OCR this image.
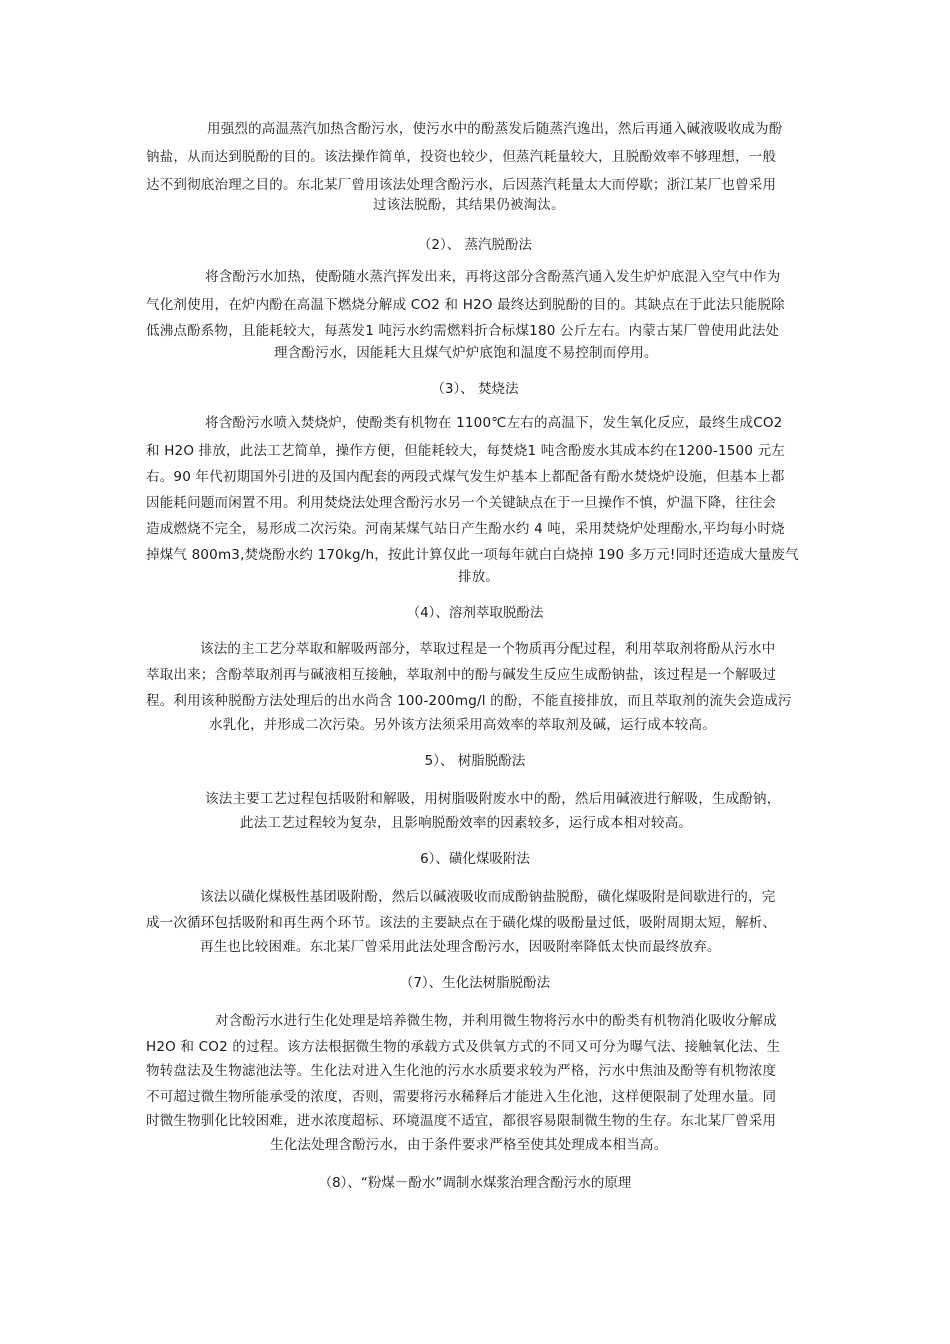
用强烈的高温蒸汽加热含酚污水，使污水中的酚蒸发后随蒸汽逸出，然后再通入碱液吸收成为酚
钠盐，从而达到脱酚的目的。该法操作简单，投资也较少，但蒸汽耗量较大，且脱酚效率不够理想，一般
达不到彻底治理之目的。东北某厂曾用该法处理含酚污水，后因蒸汽耗量太大而停歇；浙江某厂也曾采用
过该法脱酚，其结果仍被淘汰。
（2）、 蒸汽脱酚法
将含酚污水加热，使酚随水蒸汽挥发出来，再将这部分含酚蒸汽通入发生炉炉底混入空气中作为
气化剂使用，在炉内酚在高温下燃烧分解成 CO2 和 H2O 最终达到脱酚的目的。其缺点在于此法只能脱除
低沸点酚系物，且能耗较大，每蒸发1 吨污水约需燃料折合标煤180 公斤左右。内蒙古某厂曾使用此法处
理含酚污水，因能耗大且煤气炉炉底饱和温度不易控制而停用。
（3）、 焚烧法
将含酚污水喷入焚烧炉，使酚类有机物在 1100℃左右的高温下，发生氧化反应，最终生成CO2
和 H2O 排放，此法工艺简单，操作方便，但能耗较大，每焚烧1 吨含酚废水其成本约在1200-1500 元左
右。90 年代初期国外引进的及国内配套的两段式煤气发生炉基本上都配备有酚水焚烧炉设施，但基本上都
因能耗问题而闲置不用。利用焚烧法处理含酚污水另一个关键缺点在于一旦操作不慎，炉温下降，往往会
造成燃烧不完全，易形成二次污染。河南某煤气站日产生酚水约 4 吨，采用焚烧炉处理酚水,平均每小时烧
掉煤气 800m3,焚烧酚水约 170kg/h，按此计算仅此一项每年就白白烧掉 190 多万元!同时还造成大量废气
排放。
（4）、溶剂萃取脱酚法
该法的主工艺分萃取和解吸两部分，萃取过程是一个物质再分配过程，利用萃取剂将酚从污水中
萃取出来；含酚萃取剂再与碱液相互接触，萃取剂中的酚与碱发生反应生成酚钠盐，该过程是一个解吸过
程。利用该种脱酚方法处理后的出水尚含 100-200mg/l 的酚，不能直接排放，而且萃取剂的流失会造成污
水乳化，并形成二次污染。另外该方法须采用高效率的萃取剂及碱，运行成本较高。
5）、 树脂脱酚法
该法主要工艺过程包括吸附和解吸，用树脂吸附废水中的酚，然后用碱液进行解吸，生成酚钠，
此法工艺过程较为复杂，且影响脱酚效率的因素较多，运行成本相对较高。
6）、磺化煤吸附法
该法以磺化煤极性基团吸附酚，然后以碱液吸收而成酚钠盐脱酚，磺化煤吸附是间歇进行的，完
成一次循环包括吸附和再生两个环节。该法的主要缺点在于磺化煤的吸酚量过低，吸附周期太短，解析、
再生也比较困难。东北某厂曾采用此法处理含酚污水，因吸附率降低太快而最终放弃。
（7）、生化法树脂脱酚法
对含酚污水进行生化处理是培养微生物，并利用微生物将污水中的酚类有机物消化吸收分解成
H2O 和 CO2 的过程。该方法根据微生物的承载方式及供氧方式的不同又可分为曝气法、接触氧化法、生
物转盘法及生物滤池法等。生化法对进入生化池的污水水质要求较为严格，污水中焦油及酚等有机物浓度
不可超过微生物所能承受的浓度，否则，需要将污水稀释后才能进入生化池，这样便限制了处理水量。同
时微生物驯化比较困难，进水浓度超标、环境温度不适宜，都很容易限制微生物的生存。东北某厂曾采用
生化法处理含酚污水，由于条件要求严格至使其处理成本相当高。
（8）、“粉煤－酚水”调制水煤浆治理含酚污水的原理
